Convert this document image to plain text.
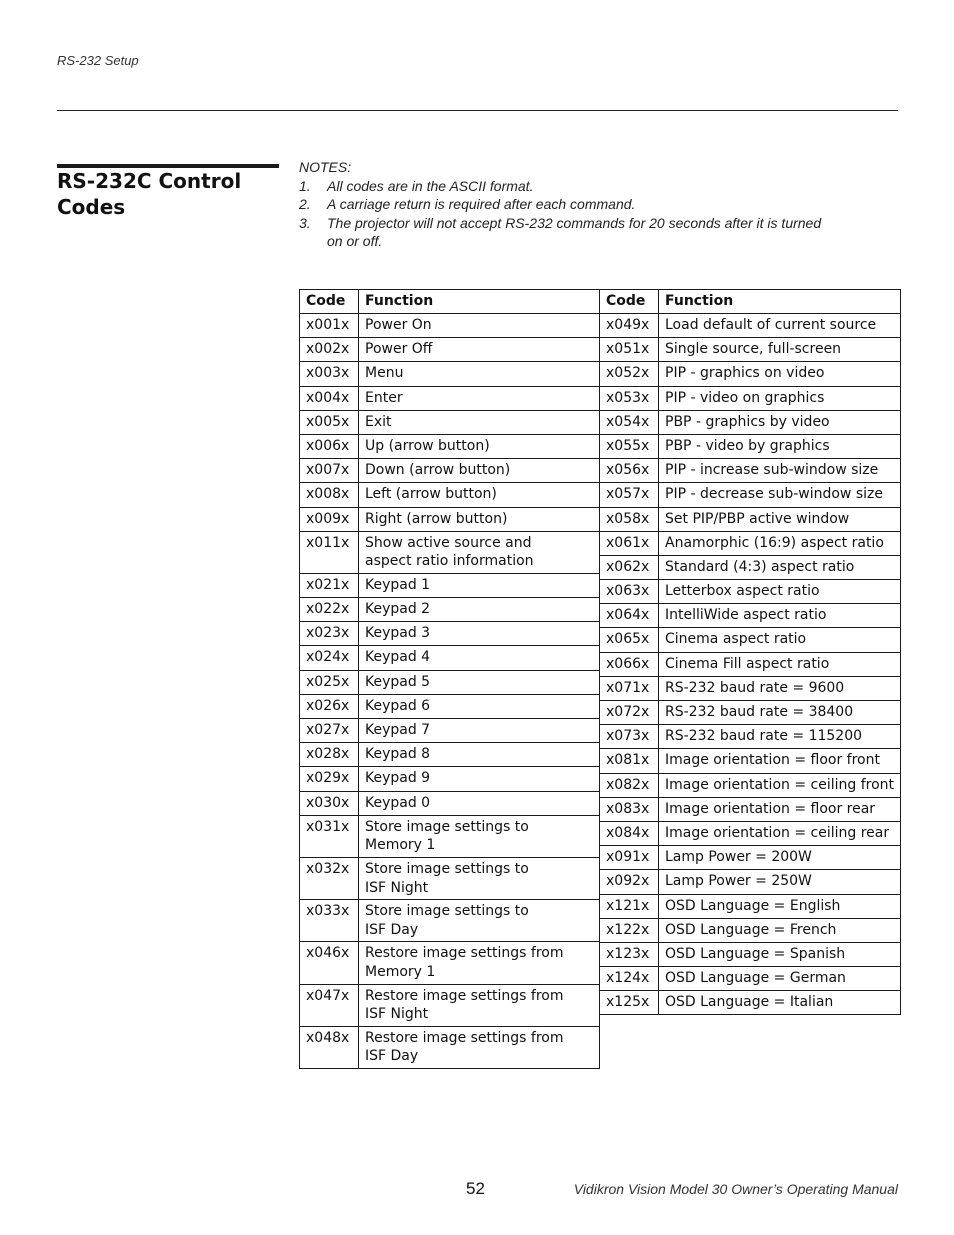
RS-232 Setup
RS-232C Control Codes

NOTES:

1. All codes are in the ASCII format.
2. A carriage return is required after each command.
3. The projector will not accept RS-232 commands for 20 seconds after it is turned on or off.
Code	Function
x001x	Power On
x002x	Power Off
x003x	Menu
x004x	Enter
x005x	Exit
x006x	Up (arrow button)
x007x	Down (arrow button)
x008x	Left (arrow button)
x009x	Right (arrow button)
x011x	Show active source and
aspect ratio information
x021x	Keypad 1
x022x	Keypad 2
x023x	Keypad 3
x024x	Keypad 4
x025x	Keypad 5
x026x	Keypad 6
x027x	Keypad 7
x028x	Keypad 8
x029x	Keypad 9
x030x	Keypad 0
x031x	Store image settings to
Memory 1
x032x	Store image settings to
ISF Night
x033x	Store image settings to
ISF Day
x046x	Restore image settings from
Memory 1
x047x	Restore image settings from
ISF Night
x048x	Restore image settings from
ISF Day
Code	Function
x049x	Load default of current source
x051x	Single source, full-screen
x052x	PIP - graphics on video
x053x	PIP - video on graphics
x054x	PBP - graphics by video
x055x	PBP - video by graphics
x056x	PIP - increase sub-window size
x057x	PIP - decrease sub-window size
x058x	Set PIP/PBP active window
x061x	Anamorphic (16:9) aspect ratio
x062x	Standard (4:3) aspect ratio
x063x	Letterbox aspect ratio
x064x	IntelliWide aspect ratio
x065x	Cinema aspect ratio
x066x	Cinema Fill aspect ratio
x071x	RS-232 baud rate = 9600
x072x	RS-232 baud rate = 38400
x073x	RS-232 baud rate = 115200
x081x	Image orientation = floor front
x082x	Image orientation = ceiling front
x083x	Image orientation = floor rear
x084x	Image orientation = ceiling rear
x091x	Lamp Power = 200W
x092x	Lamp Power = 250W
x121x	OSD Language = English
x122x	OSD Language = French
x123x	OSD Language = Spanish
x124x	OSD Language = German
x125x	OSD Language = Italian
52	Vidikron Vision Model 30 Owner’s Operating Manual
